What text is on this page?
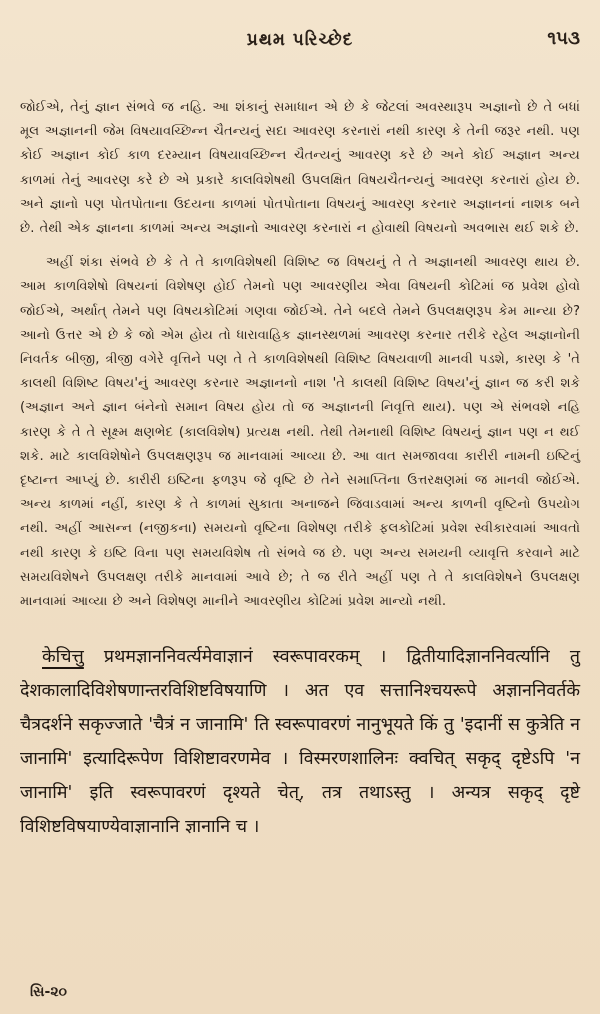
પ્રથમ પરિચ્છેદ	૧૫૩

જોઈએ, તેનું જ્ઞાન સંભવે જ નહિ. આ શંકાનું સમાધાન એ છે કે જેટલાં અવસ્થારૂપ અજ્ઞાનો છે તે બધાં મૂલ અજ્ઞાનની જેમ વિષયાવચ્છિન્ન ચૈતન્યનું સદા આવરણ કરનારાં નથી કારણ કે તેની જરૂર નથી. પણ કોઈ અજ્ઞાન કોઈ કાળ દરમ્યાન વિષયાવચ્છિન્ન ચૈતન્યનું આવરણ કરે છે અને કોઈ અજ્ઞાન અન્ય કાળમાં તેનું આવરણ કરે છે એ પ્રકારે કાલવિશેષથી ઉપલક્ષિત વિષયચૈતન્યનું આવરણ કરનારાં હોય છે. અને જ્ઞાનો પણ પોતપોતાના ઉદયના કાળમાં પોતપોતાના વિષયનું આવરણ કરનાર અજ્ઞાનનાં નાશક બને છે. તેથી એક જ્ઞાનના કાળમાં અન્ય અજ્ઞાનો આવરણ કરનારાં ન હોવાથી વિષયનો અવભાસ થઈ શકે છે.

અહીં શંકા સંભવે છે કે તે તે કાળવિશેષથી વિશિષ્ટ જ વિષયનું તે તે અજ્ઞાનથી આવરણ થાય છે. આમ કાળવિશેષો વિષયનાં વિશેષણ હોઈ તેમનો પણ આવરણીય એવા વિષયની કોટિમાં જ પ્રવેશ હોવો જોઈએ, અર્થાત્ તેમને પણ વિષયકોટિમાં ગણવા જોઈએ. તેને બદલે તેમને ઉપલક્ષણરૂપ કેમ માન્યા છે? આનો ઉત્તર એ છે કે જો એમ હોય તો ધારાવાહિક જ્ઞાનસ્થળમાં આવરણ કરનાર તરીકે રહેલ અજ્ઞાનોની નિવર્તક બીજી, ત્રીજી વગેરે વૃત્તિને પણ તે તે કાળવિશેષથી વિશિષ્ટ વિષયવાળી માનવી પડશે, કારણ કે 'તે કાલથી વિશિષ્ટ વિષય'નું આવરણ કરનાર અજ્ઞાનનો નાશ 'તે કાલથી વિશિષ્ટ વિષય'નું જ્ઞાન જ કરી શકે (અજ્ઞાન અને જ્ઞાન બંનેનો સમાન વિષય હોય તો જ અજ્ઞાનની નિવૃત્તિ થાય). પણ એ સંભવશે નહિ કારણ કે તે તે સૂક્ષ્મ ક્ષણભેદ (કાલવિશેષ) પ્રત્યક્ષ નથી. તેથી તેમનાથી વિશિષ્ટ વિષયનું જ્ઞાન પણ ન થઈ શકે. માટે કાલવિશેષોને ઉપલક્ષણરૂપ જ માનવામાં આવ્યા છે. આ વાત સમજાવવા કારીરી નામની ઇષ્ટિનું દૃષ્ટાન્ત આપ્યું છે. કારીરી ઇષ્ટિના ફળરૂપ જે વૃષ્ટિ છે તેને સમાપ્તિના ઉત્તરક્ષણમાં જ માનવી જોઈએ. અન્ય કાળમાં નહીં, કારણ કે તે કાળમાં સુકાતા અનાજને જિવાડવામાં અન્ય કાળની વૃષ્ટિનો ઉપયોગ નથી. અહીં આસન્ન (નજીકના) સમયનો વૃષ્ટિના વિશેષણ તરીકે ફલકોટિમાં પ્રવેશ સ્વીકારવામાં આવતો નથી કારણ કે ઇષ્ટિ વિના પણ સમયવિશેષ તો સંભવે જ છે. પણ અન્ય સમયની વ્યાવૃત્તિ કરવાને માટે સમયવિશેષને ઉપલક્ષણ તરીકે માનવામાં આવે છે; તે જ રીતે અહીં પણ તે તે કાલવિશેષને ઉપલક્ષણ માનવામાં આવ્યા છે અને વિશેષણ માનીને આવરણીય કોટિમાં પ્રવેશ માન્યો નથી.

केचित्तु प्रथमज्ञाननिवर्त्यमेवाज्ञानं स्वरूपावरकम् । द्वितीयादिज्ञाननिवर्त्यानि तु देशकालादिविशेषणान्तरविशिष्टविषयाणि । अत एव सत्तानिश्चयरूपे अज्ञाननिवर्तके चैत्रदर्शने सकृज्जाते 'चैत्रं न जानामि' ति स्वरूपावरणं नानुभूयते किं तु 'इदानीं स कुत्रेति न जानामि' इत्यादिरूपेण विशिष्टावरणमेव । विस्मरणशालिनः क्वचित् सकृद् दृष्टेऽपि 'न जानामि' इति स्वरूपावरणं दृश्यते चेत्, तत्र तथाऽस्तु । अन्यत्र सकृद् दृष्टे विशिष्टविषयाण्येवाज्ञानानि ज्ञानानि च ।

સિ-૨૦
